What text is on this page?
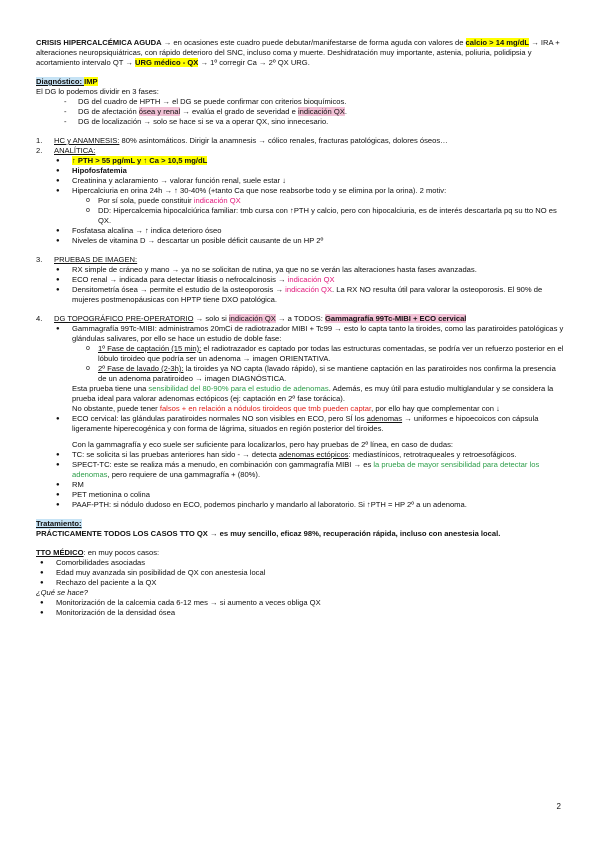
CRISIS HIPERCALCÉMICA AGUDA → en ocasiones este cuadro puede debutar/manifestarse de forma aguda con valores de calcio > 14 mg/dL → IRA + alteraciones neuropsiquiátricas, con rápido deterioro del SNC, incluso coma y muerte. Deshidratación muy importante, astenia, poliuria, polidipsia y acortamiento intervalo QT → URG médico - QX → 1º corregir Ca → 2º QX URG.

Diagnóstico: IMP

El DG lo podemos dividir en 3 fases:

- DG del cuadro de HPTH → el DG se puede confirmar con criterios bioquímicos.
- DG de afectación ósea y renal → evalúa el grado de severidad e indicación QX.
- DG de localización → solo se hace si se va a operar QX, sino innecesario.

1. HC y ANAMNESIS: 80% asintomáticos. Dirigir la anamnesis → cólico renales, fracturas patológicas, dolores óseos…

2. ANALÍTICA:

● ↑ PTH > 55 pg/mL y ↑ Ca > 10,5 mg/dL
● Hipofosfatemia
● Creatinina y aclaramiento → valorar función renal, suele estar ↓
● Hipercalciuria en orina 24h → ↑ 30-40% (+tanto Ca que nose reabsorbe todo y se elimina por la orina). 2 motiv:
o Por sí sola, puede constituir indicación QX
o DD: Hipercalcemia hipocalciúrica familiar: tmb cursa con ↑PTH y calcio, pero con hipocalciuria, es de interés descartarla pq su tto NO es QX.
● Fosfatasa alcalina → ↑ indica deterioro óseo
● Niveles de vitamina D → descartar un posible déficit causante de un HP 2º

3. PRUEBAS DE IMAGEN:

● RX simple de cráneo y mano → ya no se solicitan de rutina, ya que no se verán las alteraciones hasta fases avanzadas.
● ECO renal → indicada para detectar litiasis o nefrocalcinosis → indicación QX
● Densitometría ósea → permite el estudio de la osteoporosis → indicación QX. La RX NO resulta útil para valorar la osteoporosis. El 90% de mujeres postmenopáusicas con HPTP tiene DXO patológica.

4. DG TOPOGRÁFICO PRE-OPERATORIO → solo si indicación QX → a TODOS: Gammagrafía 99Tc-MIBI + ECO cervical

● Gammagrafía 99Tc-MIBI: administramos 20mCi de radiotrazador MIBI + Tc99 → esto lo capta tanto la tiroides, como las paratiroides patológicas y glándulas salivares, por ello se hace un estudio de doble fase:
o 1º Fase de captación (15 min): el radiotrazador es captado por todas las estructuras comentadas, se podría ver un refuerzo posterior en el lóbulo tiroideo que podría ser un adenoma → imagen ORIENTATIVA.
o 2º Fase de lavado (2-3h): la tiroides ya NO capta (lavado rápido), si se mantiene captación en las paratiroides nos confirma la presencia de un adenoma paratiroideo → imagen DIAGNÓSTICA.

Esta prueba tiene una sensibilidad del 80-90% para el estudio de adenomas. Además, es muy útil para estudio multiglandular y se considera la prueba ideal para valorar adenomas ectópicos (ej: captación en 2º fase torácica).

No obstante, puede tener falsos + en relación a nódulos tiroideos que tmb pueden captar, por ello hay que complementar con ↓

● ECO cervical: las glándulas paratiroides normales NO son visibles en ECO, pero SÍ los adenomas → uniformes e hipoecoicos con cápsula ligeramente hiperecogénica y con forma de lágrima, situados en región posterior del tiroides.

Con la gammagrafía y eco suele ser suficiente para localizarlos, pero hay pruebas de 2º línea, en caso de dudas:

● TC: se solicita si las pruebas anteriores han sido - → detecta adenomas ectópicos: mediastínicos, retrotraqueales y retroesofágicos.
● SPECT-TC: este se realiza más a menudo, en combinación con gammagrafía MIBI → es la prueba de mayor sensibilidad para detectar los adenomas, pero requiere de una gammagrafía + (80%).
● RM
● PET metionina o colina
● PAAF-PTH: si nódulo dudoso en ECO, podemos pincharlo y mandarlo al laboratorio. Si ↑PTH = HP 2º a un adenoma.

Tratamiento:

PRÁCTICAMENTE TODOS LOS CASOS TTO QX → es muy sencillo, eficaz 98%, recuperación rápida, incluso con anestesia local.

TTO MÉDICO: en muy pocos casos:

● Comorbilidades asociadas
● Edad muy avanzada sin posibilidad de QX con anestesia local
● Rechazo del paciente a la QX

¿Qué se hace?

● Monitorización de la calcemia cada 6-12 mes → si aumento a veces obliga QX
● Monitorización de la densidad ósea
2
